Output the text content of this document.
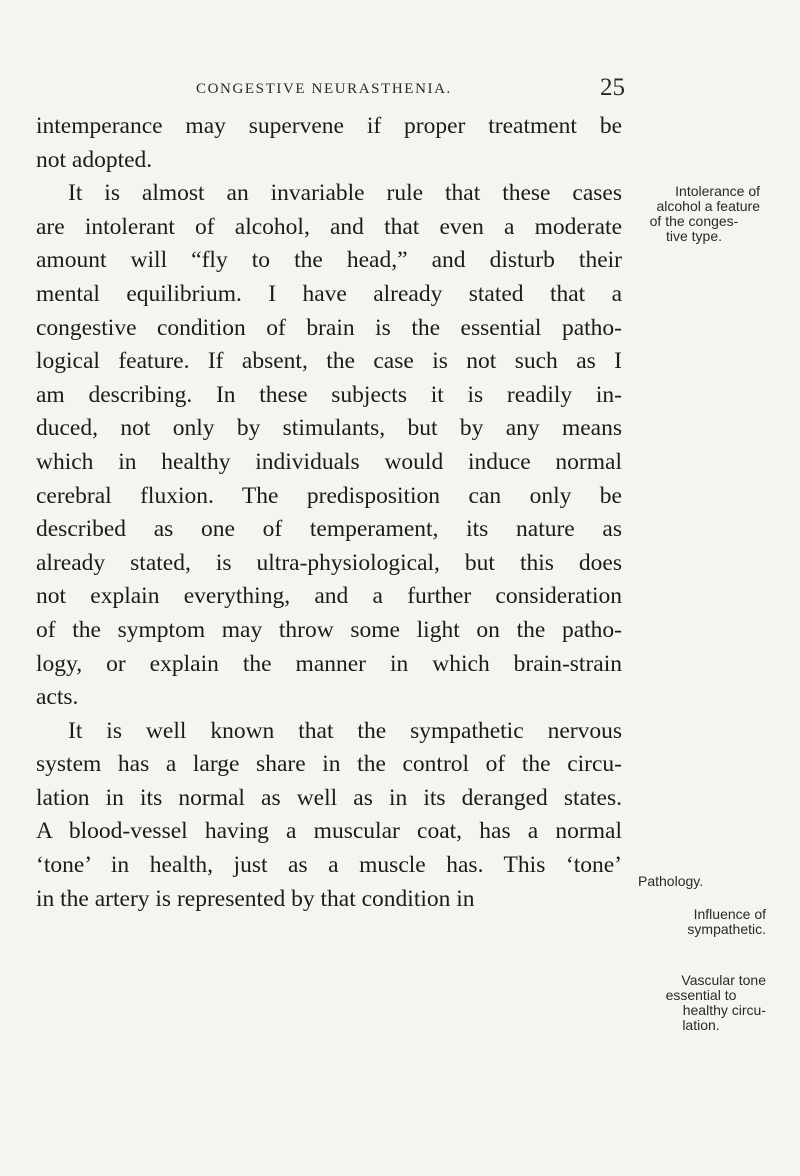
CONGESTIVE NEURASTHENIA.	25
intemperance may supervene if proper treatment be
not adopted.
It is almost an invariable rule that these cases
are intolerant of alcohol, and that even a moderate
amount will “fly to the head,” and disturb their
mental equilibrium. I have already stated that a
congestive condition of brain is the essential patho-
logical feature. If absent, the case is not such as I
am describing. In these subjects it is readily in-
duced, not only by stimulants, but by any means
which in healthy individuals would induce normal
cerebral fluxion. The predisposition can only be
described as one of temperament, its nature as
already stated, is ultra-physiological, but this does
not explain everything, and a further consideration
of the symptom may throw some light on the patho-
logy, or explain the manner in which brain-strain
acts.
It is well known that the sympathetic nervous
system has a large share in the control of the circu-
lation in its normal as well as in its deranged states.
A blood-vessel having a muscular coat, has a normal
‘tone’ in health, just as a muscle has. This ‘tone’
in the artery is represented by that condition in
Intolerance of
alcohol a feature
of the conges-
tive type.
Pathology.
Influence of
sympathetic.
Vascular tone
essential to
healthy circu-
lation.
